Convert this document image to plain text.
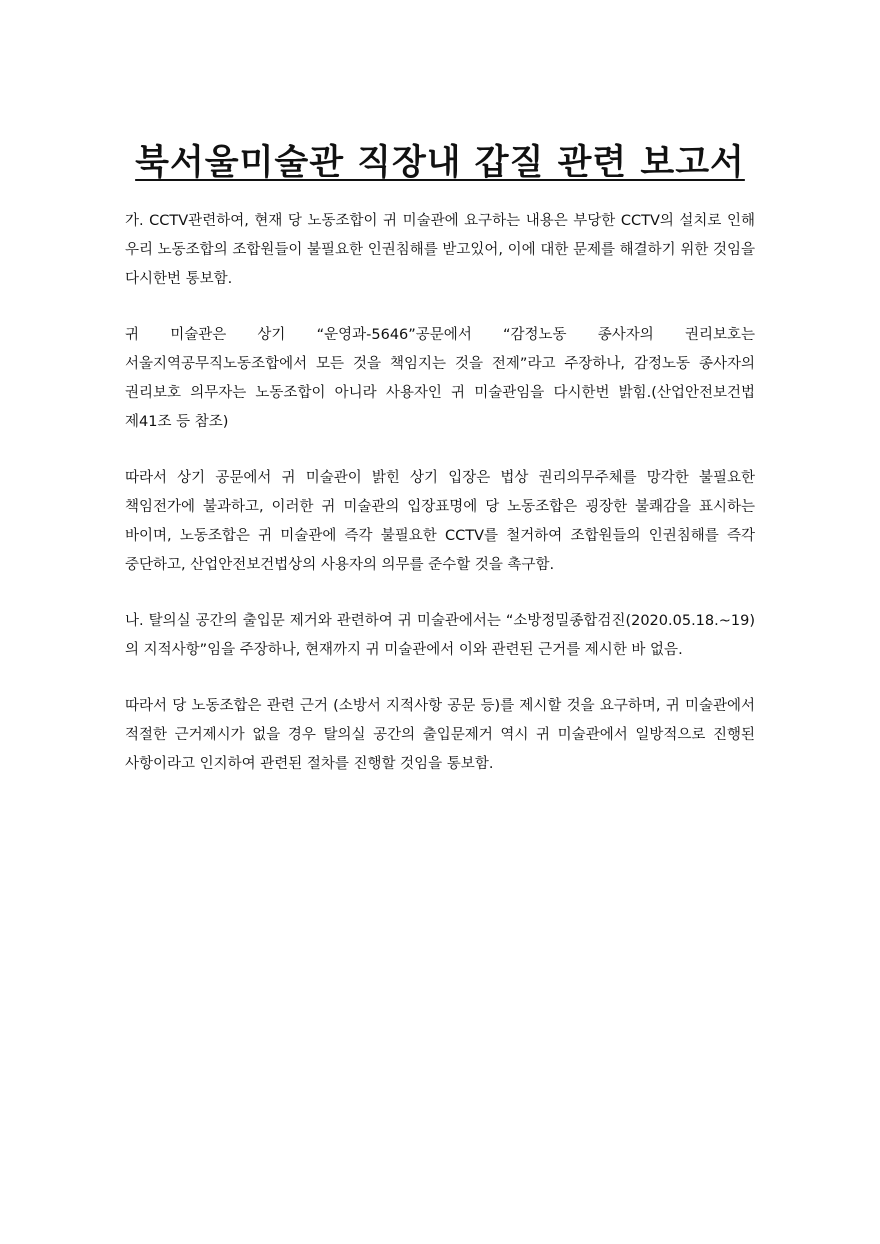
북서울미술관 직장내 갑질 관련 보고서

가. CCTV관련하여, 현재 당 노동조합이 귀 미술관에 요구하는 내용은 부당한 CCTV의 설치로 인해 우리 노동조합의 조합원들이 불필요한 인권침해를 받고있어, 이에 대한 문제를 해결하기 위한 것임을 다시한번 통보함.

귀 미술관은 상기 “운영과-5646”공문에서 “감정노동 종사자의 권리보호는 서울지역공무직노동조합에서 모든 것을 책임지는 것을 전제”라고 주장하나, 감정노동 종사자의 권리보호 의무자는 노동조합이 아니라 사용자인 귀 미술관임을 다시한번 밝힘.(산업안전보건법 제41조 등 참조)

따라서 상기 공문에서 귀 미술관이 밝힌 상기 입장은 법상 권리의무주체를 망각한 불필요한 책임전가에 불과하고, 이러한 귀 미술관의 입장표명에 당 노동조합은 굉장한 불쾌감을 표시하는 바이며, 노동조합은 귀 미술관에 즉각 불필요한 CCTV를 철거하여 조합원들의 인권침해를 즉각 중단하고, 산업안전보건법상의 사용자의 의무를 준수할 것을 촉구함.

나. 탈의실 공간의 출입문 제거와 관련하여 귀 미술관에서는 “소방정밀종합검진(2020.05.18.~19)의 지적사항”임을 주장하나, 현재까지 귀 미술관에서 이와 관련된 근거를 제시한 바 없음.

따라서 당 노동조합은 관련 근거 (소방서 지적사항 공문 등)를 제시할 것을 요구하며, 귀 미술관에서 적절한 근거제시가 없을 경우 탈의실 공간의 출입문제거 역시 귀 미술관에서 일방적으로 진행된 사항이라고 인지하여 관련된 절차를 진행할 것임을 통보함.
